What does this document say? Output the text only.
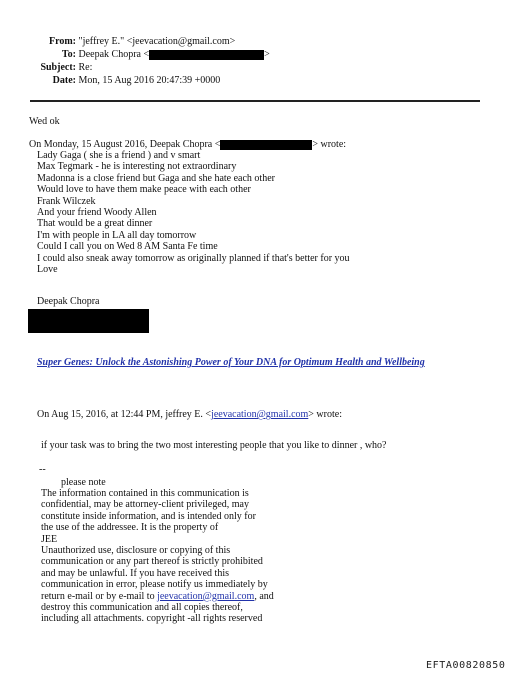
From: "jeffrey E." <jeevacation@gmail.com>
To: Deepak Chopra <	>
Subject: Re:
Date: Mon, 15 Aug 2016 20:47:39 +0000
Wed ok
On Monday, 15 August 2016, Deepak Chopra <	> wrote:
Lady Gaga ( she is a friend ) and v smart
Max Tegmark - he is interesting not extraordinary
Madonna is a close friend but Gaga and she hate each other
Would love to have them make peace with each other
Frank Wilczek
And your friend Woody Allen
That would be a great dinner
I'm with people in LA all day tomorrow
Could I call you on Wed 8 AM Santa Fe time
I could also sneak away tomorrow as originally planned if that's better for you
Love
Deepak Chopra
Super Genes: Unlock the Astonishing Power of Your DNA for Optimum Health and Wellbeing
On Aug 15, 2016, at 12:44 PM, jeffrey E. <jeevacation@gmail.com> wrote:
if your task was to bring the two most interesting people that you like to dinner , who?
--
please note
The information contained in this communication is
confidential, may be attorney-client privileged, may
constitute inside information, and is intended only for
the use of the addressee. It is the property of
JEE
Unauthorized use, disclosure or copying of this
communication or any part thereof is strictly prohibited
and may be unlawful. If you have received this
communication in error, please notify us immediately by
return e-mail or by e-mail to jeevacation@gmail.com, and
destroy this communication and all copies thereof,
including all attachments. copyright -all rights reserved
EFTA00820850
